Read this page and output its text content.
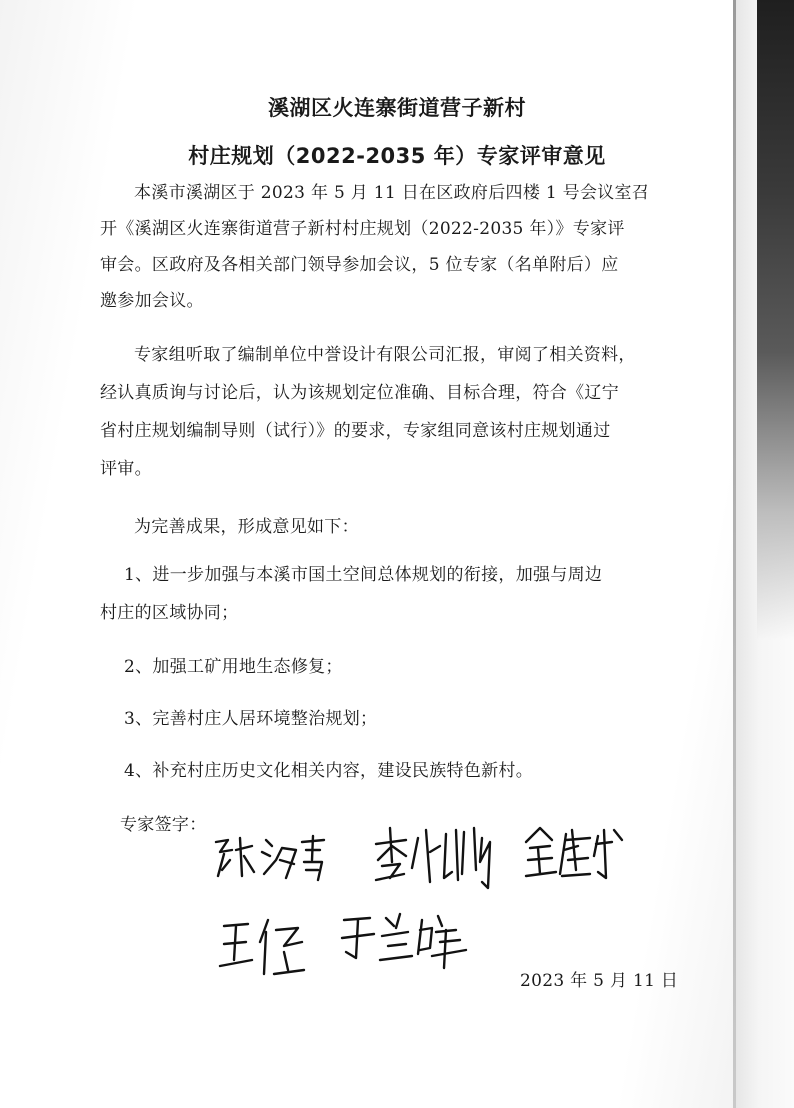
溪湖区火连寨街道营子新村
村庄规划（2022-2035 年）专家评审意见
本溪市溪湖区于 2023 年 5 月 11 日在区政府后四楼 1 号会议室召
开《溪湖区火连寨街道营子新村村庄规划（2022-2035 年）》专家评
审会。区政府及各相关部门领导参加会议，5 位专家（名单附后）应
邀参加会议。
专家组听取了编制单位中誉设计有限公司汇报，审阅了相关资料，
经认真质询与讨论后，认为该规划定位准确、目标合理，符合《辽宁
省村庄规划编制导则（试行）》的要求，专家组同意该村庄规划通过
评审。
为完善成果，形成意见如下：
1、进一步加强与本溪市国土空间总体规划的衔接，加强与周边
村庄的区域协同；
2、加强工矿用地生态修复；
3、完善村庄人居环境整治规划；
4、补充村庄历史文化相关内容，建设民族特色新村。
专家签字：
2023 年 5 月 11 日
